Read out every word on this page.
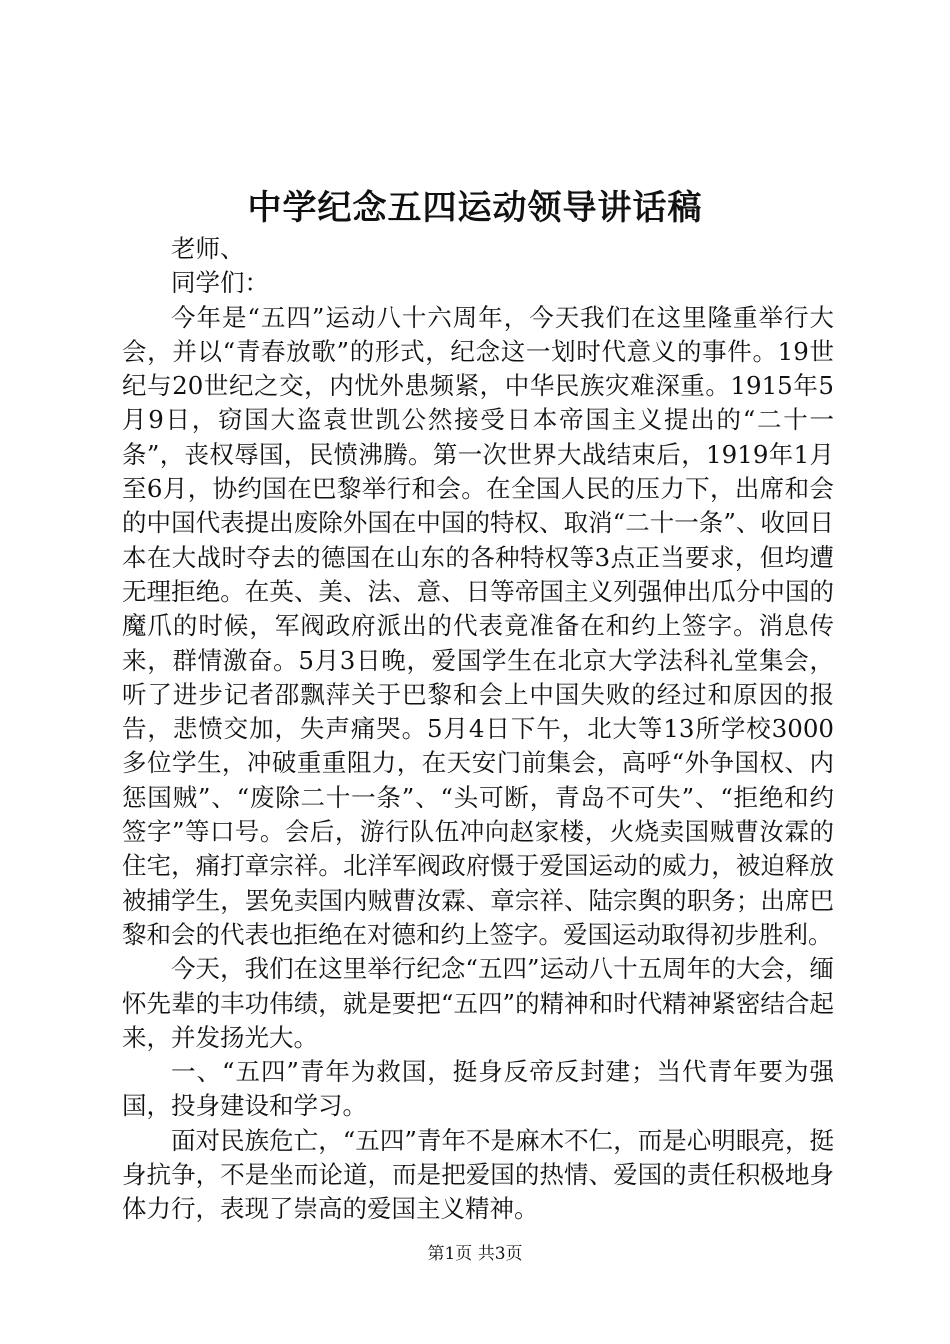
中学纪念五四运动领导讲话稿

老师、

同学们：

今年是“五四”运动八十六周年，今天我们在这里隆重举行大会，并以“青春放歌”的形式，纪念这一划时代意义的事件。19世纪与20世纪之交，内忧外患频紧，中华民族灾难深重。1915年5月9日，窃国大盗袁世凯公然接受日本帝国主义提出的“二十一条”，丧权辱国，民愤沸腾。第一次世界大战结束后，1919年1月至6月，协约国在巴黎举行和会。在全国人民的压力下，出席和会的中国代表提出废除外国在中国的特权、取消“二十一条”、收回日本在大战时夺去的德国在山东的各种特权等3点正当要求，但均遭无理拒绝。在英、美、法、意、日等帝国主义列强伸出瓜分中国的魔爪的时候，军阀政府派出的代表竟准备在和约上签字。消息传来，群情激奋。5月3日晚，爱国学生在北京大学法科礼堂集会，听了进步记者邵飘萍关于巴黎和会上中国失败的经过和原因的报告，悲愤交加，失声痛哭。5月4日下午，北大等13所学校3000多位学生，冲破重重阻力，在天安门前集会，高呼“外争国权、内惩国贼”、“废除二十一条”、“头可断，青岛不可失”、“拒绝和约签字”等口号。会后，游行队伍冲向赵家楼，火烧卖国贼曹汝霖的住宅，痛打章宗祥。北洋军阀政府慑于爱国运动的威力，被迫释放被捕学生，罢免卖国内贼曹汝霖、章宗祥、陆宗舆的职务；出席巴黎和会的代表也拒绝在对德和约上签字。爱国运动取得初步胜利。

今天，我们在这里举行纪念“五四”运动八十五周年的大会，缅怀先辈的丰功伟绩，就是要把“五四”的精神和时代精神紧密结合起来，并发扬光大。

一、“五四”青年为救国，挺身反帝反封建；当代青年要为强国，投身建设和学习。

面对民族危亡，“五四”青年不是麻木不仁，而是心明眼亮，挺身抗争，不是坐而论道，而是把爱国的热情、爱国的责任积极地身体力行，表现了崇高的爱国主义精神。

第1页 共3页
